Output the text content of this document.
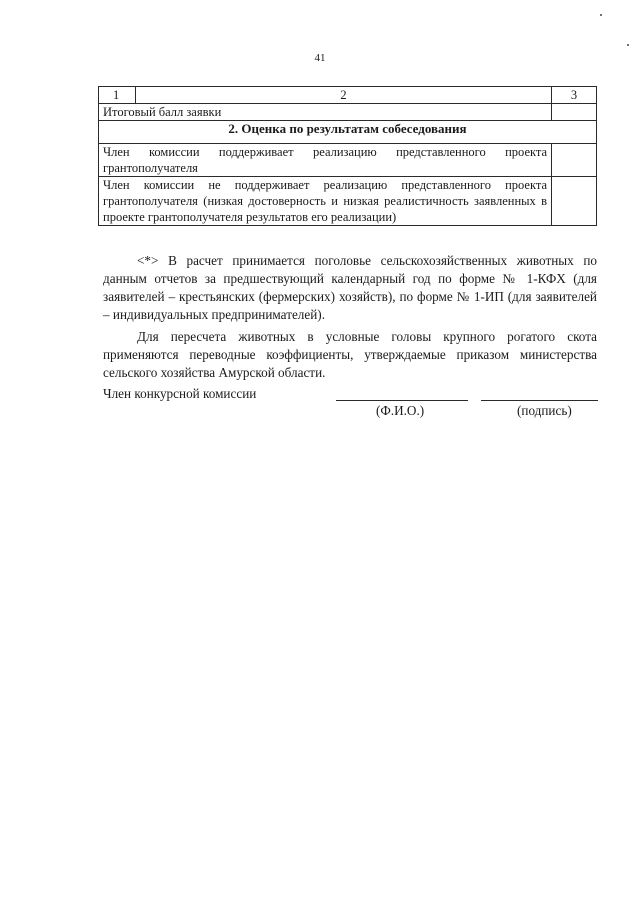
41
1	2	3
Итоговый балл заявки		
2. Оценка по результатам собеседования		
Член комиссии поддерживает реализацию представленного проекта грантополучателя		
Член комиссии не поддерживает реализацию представленного проекта грантополучателя (низкая достоверность и низкая реалистичность заявленных в проекте грантополучателя результатов его реализации)		

<*> В расчет принимается поголовье сельскохозяйственных животных по данным отчетов за предшествующий календарный год по форме № 1-КФХ (для заявителей – крестьянских (фермерских) хозяйств), по форме № 1-ИП (для заявителей – индивидуальных предпринимателей).

Для пересчета животных в условные головы крупного рогатого скота применяются переводные коэффициенты, утверждаемые приказом министерства сельского хозяйства Амурской области.

Член конкурсной комиссии
(Ф.И.О.)	(подпись)
